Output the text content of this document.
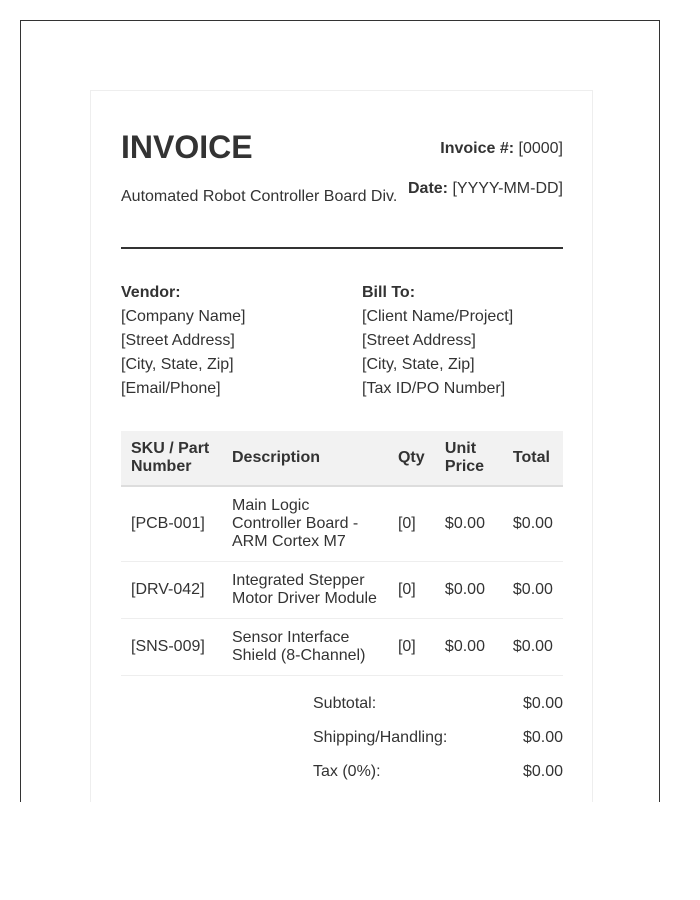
INVOICE
Automated Robot Controller Board Div.
Invoice #: [0000]
Date: [YYYY-MM-DD]
Vendor:
[Company Name]
[Street Address]
[City, State, Zip]
[Email/Phone]
Bill To:
[Client Name/Project]
[Street Address]
[City, State, Zip]
[Tax ID/PO Number]
SKU / Part Number	Description	Qty	Unit Price	Total
[PCB-001]	Main Logic Controller Board - ARM Cortex M7	[0]	$0.00	$0.00
[DRV-042]	Integrated Stepper Motor Driver Module	[0]	$0.00	$0.00
[SNS-009]	Sensor Interface Shield (8-Channel)	[0]	$0.00	$0.00
Subtotal:	$0.00
Shipping/Handling:	$0.00
Tax (0%):	$0.00
